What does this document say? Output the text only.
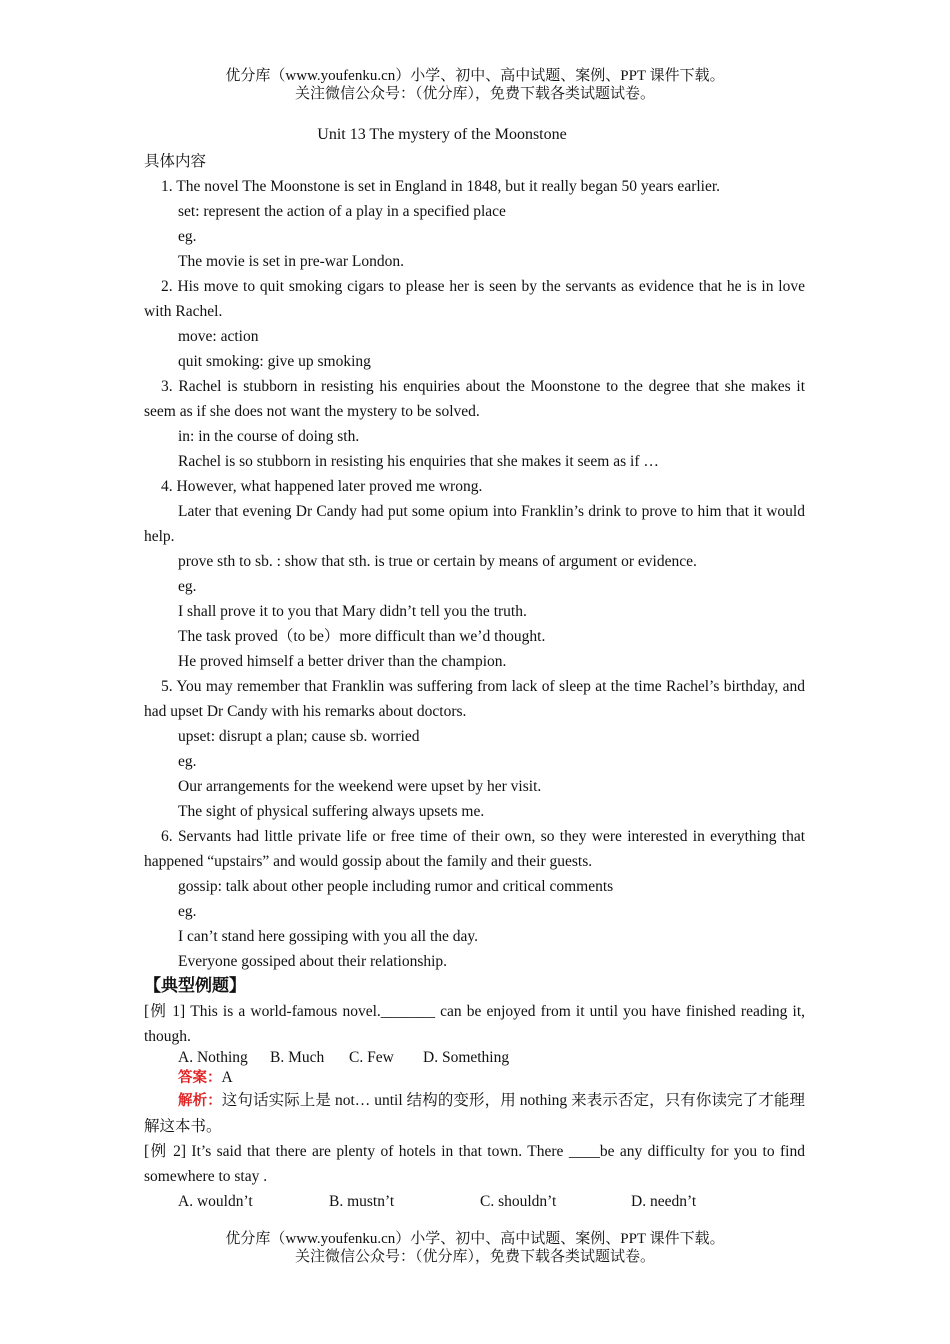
优分库（www.youfenku.cn）小学、初中、高中试题、案例、PPT 课件下载。
关注微信公众号：（优分库），免费下载各类试题试卷。
Unit 13 The mystery of the Moonstone

具体内容

1. The novel The Moonstone is set in England in 1848, but it really began 50 years earlier.

set: represent the action of a play in a specified place

eg.

The movie is set in pre-war London.

2. His move to quit smoking cigars to please her is seen by the servants as evidence that he is in love with Rachel.

move: action

quit smoking: give up smoking

3. Rachel is stubborn in resisting his enquiries about the Moonstone to the degree that she makes it seem as if she does not want the mystery to be solved.

in: in the course of doing sth.

Rachel is so stubborn in resisting his enquiries that she makes it seem as if …

4. However, what happened later proved me wrong.

Later that evening Dr Candy had put some opium into Franklin’s drink to prove to him that it would help.

prove sth to sb. : show that sth. is true or certain by means of argument or evidence.

eg.

I shall prove it to you that Mary didn’t tell you the truth.

The task proved（to be）more difficult than we’d thought.

He proved himself a better driver than the champion.

5. You may remember that Franklin was suffering from lack of sleep at the time Rachel’s birthday, and had upset Dr Candy with his remarks about doctors.

upset: disrupt a plan; cause sb. worried

eg.

Our arrangements for the weekend were upset by her visit.

The sight of physical suffering always upsets me.

6. Servants had little private life or free time of their own, so they were interested in everything that happened “upstairs” and would gossip about the family and their guests.

gossip: talk about other people including rumor and critical comments

eg.

I can’t stand here gossiping with you all the day.

Everyone gossiped about their relationship.

【典型例题】

[例 1] This is a world-famous novel._______ can be enjoyed from it until you have finished reading it, though.

A. Nothing B. Much C. Few D. Something

答案：A

解析：这句话实际上是 not… until 结构的变形，用 nothing 来表示否定，只有你读完了才能理解这本书。

[例 2] It’s said that there are plenty of hotels in that town. There ____be any difficulty for you to find somewhere to stay .

A. wouldn’t	B. mustn’t	C. shouldn’t	D. needn’t
优分库（www.youfenku.cn）小学、初中、高中试题、案例、PPT 课件下载。
关注微信公众号：（优分库），免费下载各类试题试卷。
